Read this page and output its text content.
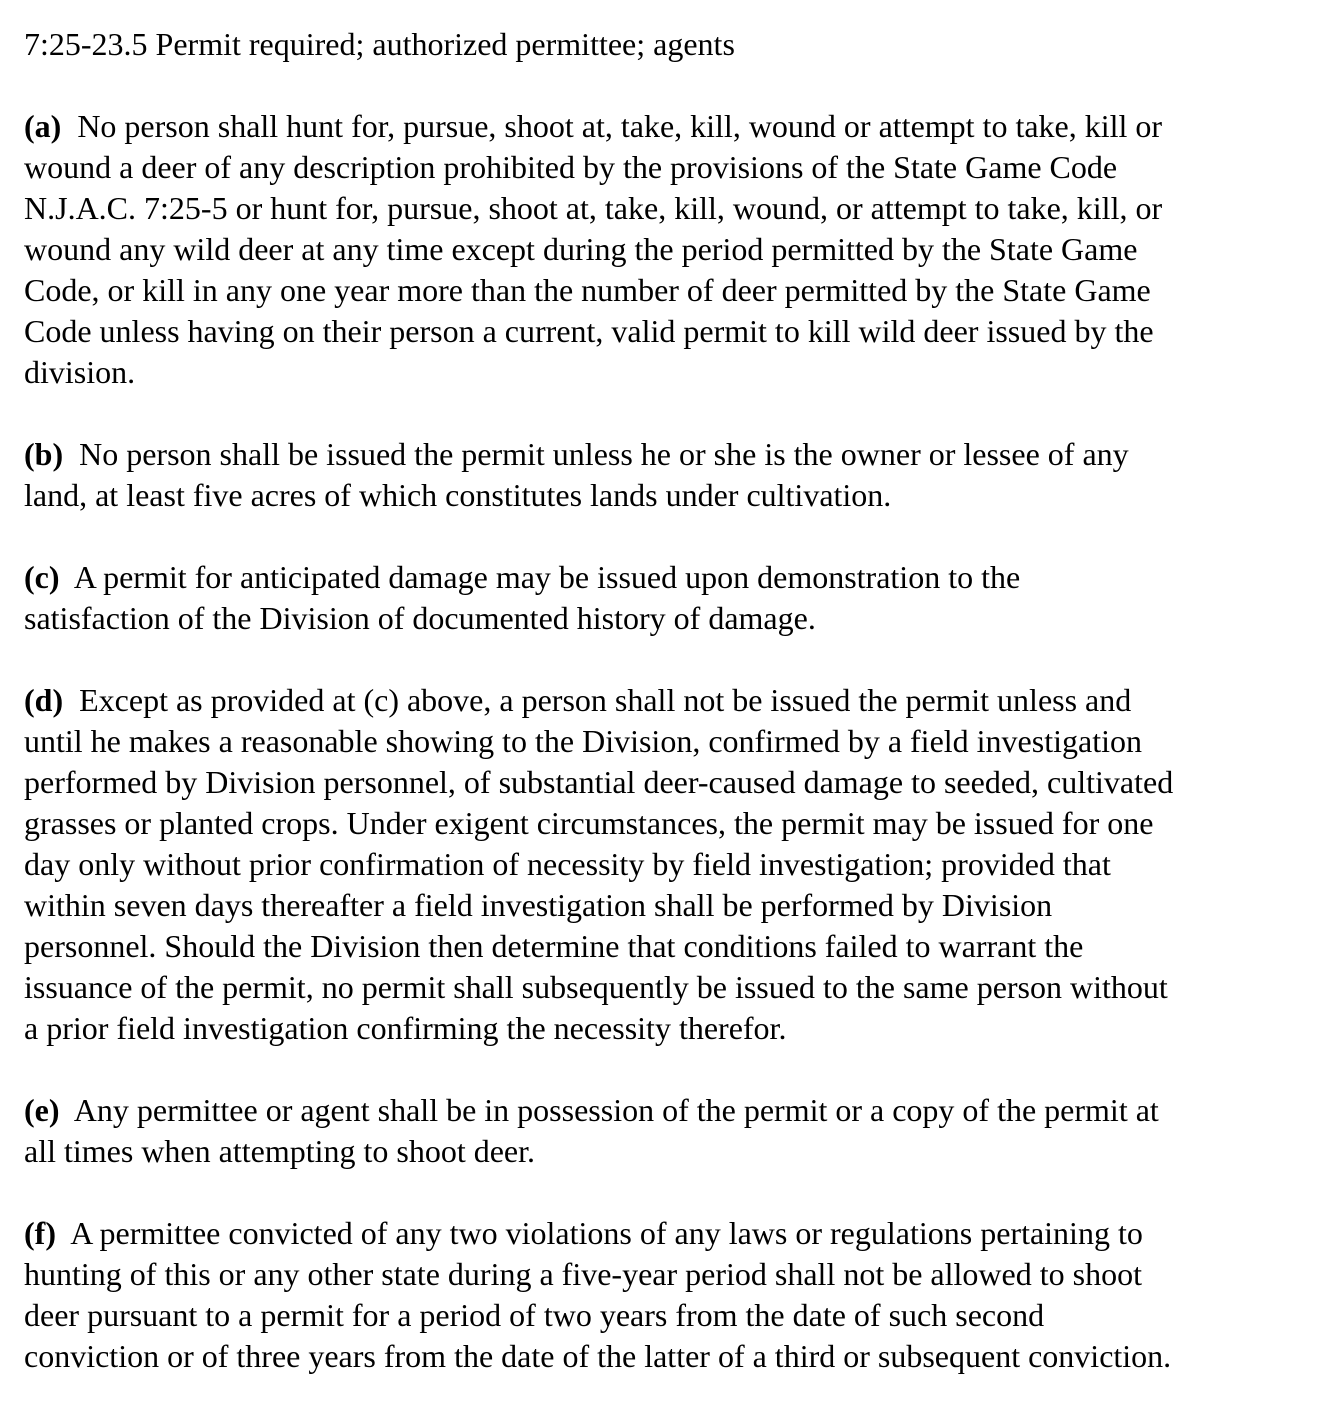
7:25-23.5 Permit required; authorized permittee; agents
(a) No person shall hunt for, pursue, shoot at, take, kill, wound or attempt to take, kill or
wound a deer of any description prohibited by the provisions of the State Game Code
N.J.A.C. 7:25-5 or hunt for, pursue, shoot at, take, kill, wound, or attempt to take, kill, or
wound any wild deer at any time except during the period permitted by the State Game
Code, or kill in any one year more than the number of deer permitted by the State Game
Code unless having on their person a current, valid permit to kill wild deer issued by the
division.
(b) No person shall be issued the permit unless he or she is the owner or lessee of any
land, at least five acres of which constitutes lands under cultivation.
(c) A permit for anticipated damage may be issued upon demonstration to the
satisfaction of the Division of documented history of damage.
(d) Except as provided at (c) above, a person shall not be issued the permit unless and
until he makes a reasonable showing to the Division, confirmed by a field investigation
performed by Division personnel, of substantial deer-caused damage to seeded, cultivated
grasses or planted crops. Under exigent circumstances, the permit may be issued for one
day only without prior confirmation of necessity by field investigation; provided that
within seven days thereafter a field investigation shall be performed by Division
personnel. Should the Division then determine that conditions failed to warrant the
issuance of the permit, no permit shall subsequently be issued to the same person without
a prior field investigation confirming the necessity therefor.
(e) Any permittee or agent shall be in possession of the permit or a copy of the permit at
all times when attempting to shoot deer.
(f) A permittee convicted of any two violations of any laws or regulations pertaining to
hunting of this or any other state during a five-year period shall not be allowed to shoot
deer pursuant to a permit for a period of two years from the date of such second
conviction or of three years from the date of the latter of a third or subsequent conviction.
